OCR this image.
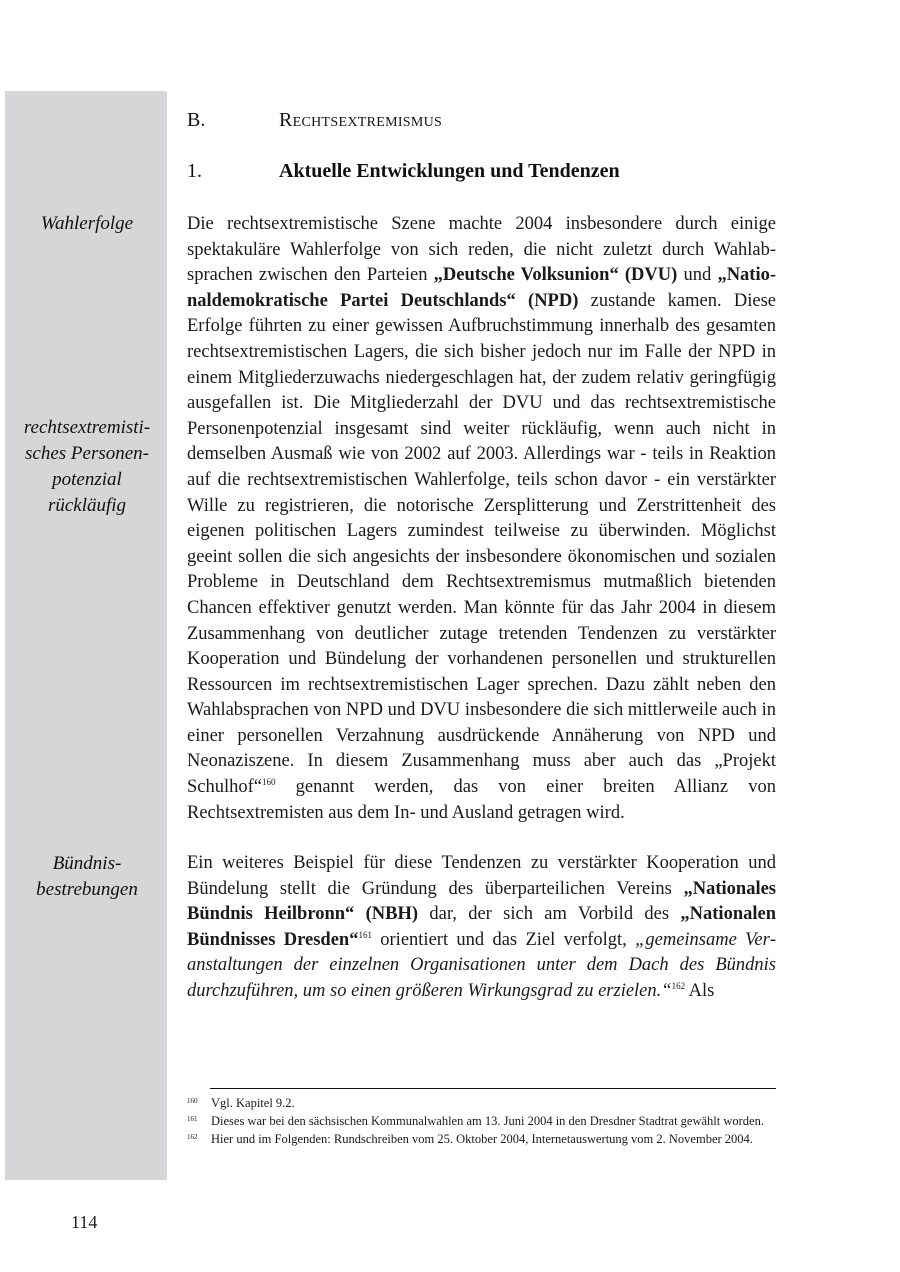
Wahlerfolge
rechtsextremisti-
sches Personen-
potenzial
rückläufig
Bündnis-
bestrebungen
B.	Rechtsextremismus
1.	Aktuelle Entwicklungen und Tendenzen

Die rechtsextremistische Szene machte 2004 insbesondere durch einige spektakuläre Wahlerfolge von sich reden, die nicht zuletzt durch Wahlabsprachen zwischen den Parteien „Deutsche Volksunion“ (DVU) und „Nationaldemokratische Partei Deutschlands“ (NPD) zustande kamen. Diese Erfolge führten zu einer gewissen Aufbruchstimmung innerhalb des gesamten rechtsextremistischen Lagers, die sich bisher jedoch nur im Falle der NPD in einem Mitgliederzuwachs niedergeschlagen hat, der zudem relativ geringfügig ausgefallen ist. Die Mitgliederzahl der DVU und das rechtsextremistische Personenpotenzial insgesamt sind weiter rückläufig, wenn auch nicht in demselben Ausmaß wie von 2002 auf 2003. Allerdings war - teils in Reaktion auf die rechtsextremistischen Wahlerfolge, teils schon davor - ein verstärkter Wille zu registrieren, die notorische Zersplitterung und Zerstrittenheit des eigenen politischen Lagers zumindest teilweise zu überwinden. Möglichst geeint sollen die sich angesichts der insbesondere ökonomischen und sozialen Probleme in Deutschland dem Rechtsextremismus mutmaßlich bietenden Chancen effektiver genutzt werden. Man könnte für das Jahr 2004 in diesem Zusammenhang von deutlicher zutage tretenden Tendenzen zu verstärkter Kooperation und Bündelung der vorhandenen personellen und strukturellen Ressourcen im rechtsextremistischen Lager sprechen. Dazu zählt neben den Wahlabsprachen von NPD und DVU insbesondere die sich mittlerweile auch in einer personellen Verzahnung ausdrückende Annäherung von NPD und Neonaziszene. In diesem Zusammenhang muss aber auch das „Projekt Schulhof“$^{160}$ genannt werden, das von einer breiten Allianz von Rechtsextremisten aus dem In- und Ausland getragen wird.

Ein weiteres Beispiel für diese Tendenzen zu verstärkter Kooperation und Bündelung stellt die Gründung des überparteilichen Vereins „Nationales Bündnis Heilbronn“ (NBH) dar, der sich am Vorbild des „Nationalen Bündnisses Dresden“$^{161}$ orientiert und das Ziel verfolgt, „gemeinsame Veranstaltungen der einzelnen Organisationen unter dem Dach des Bündnis durchzuführen, um so einen größeren Wirkungsgrad zu erzielen.“$^{162}$ Als

160 Vgl. Kapitel 9.2.
161 Dieses war bei den sächsischen Kommunalwahlen am 13. Juni 2004 in den Dresdner Stadtrat gewählt worden.
162 Hier und im Folgenden: Rundschreiben vom 25. Oktober 2004, Internetauswertung vom 2. November 2004.
114
